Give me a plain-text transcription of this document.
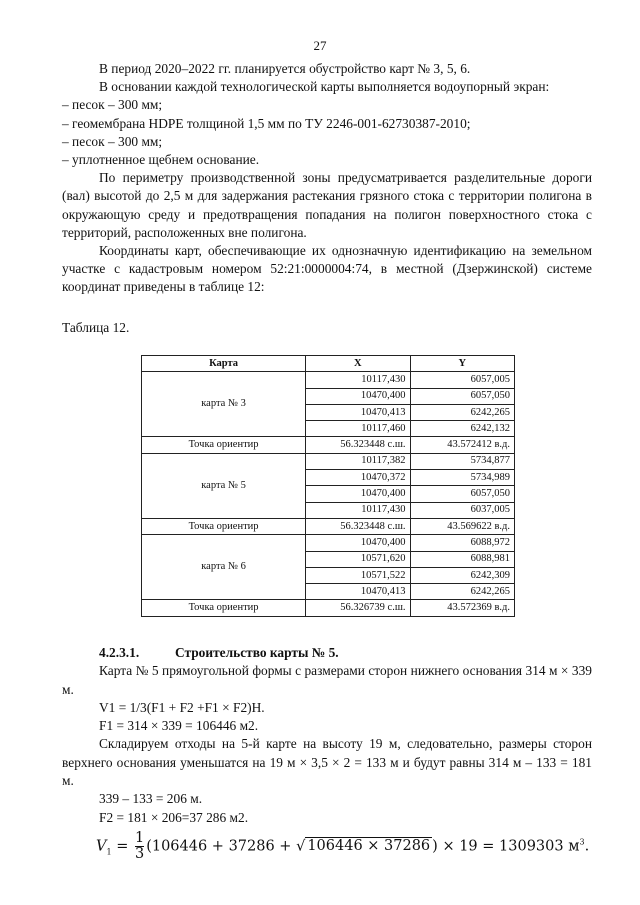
27

В период 2020–2022 гг. планируется обустройство карт № 3, 5, 6.

В основании каждой технологической карты выполняется водоупорный экран:

– песок – 300 мм;

– геомембрана HDPE толщиной 1,5 мм по ТУ 2246-001-62730387-2010;

– песок – 300 мм;

– уплотненное щебнем основание.

По периметру производственной зоны предусматривается разделительные дороги (вал) высотой до 2,5 м для задержания растекания грязного стока с территории полигона в окружающую среду и предотвращения попадания на полигон поверхностного стока с территорий, расположенных вне полигона.

Координаты карт, обеспечивающие их однозначную идентификацию на земельном участке с кадастровым номером 52:21:0000004:74, в местной (Дзержинской) системе координат приведены в таблице 12:

Таблица 12.
Карта	X	Y
карта № 3	10117,430	6057,005
	10470,400	6057,050
	10470,413	6242,265
	10117,460	6242,132
Точка ориентир	56.323448 с.ш.	43.572412 в.д.
карта № 5	10117,382	5734,877
	10470,372	5734,989
	10470,400	6057,050
	10117,430	6037,005
Точка ориентир	56.323448 с.ш.	43.569622 в.д.
карта № 6	10470,400	6088,972
	10571,620	6088,981
	10571,522	6242,309
	10470,413	6242,265
Точка ориентир	56.326739 с.ш.	43.572369 в.д.

4.2.3.1.	Строительство карты № 5.

Карта № 5 прямоугольной формы с размерами сторон нижнего основания 314 м × 339 м.

V1 = 1/3(F1 + F2 +F1 × F2)H.

F1 = 314 × 339 = 106446 м2.

Складируем отходы на 5-й карте на высоту 19 м, следовательно, размеры сторон верхнего основания уменьшатся на 19 м × 3,5 × 2 = 133 м и будут равны 314 м – 133 = 181 м.

339 – 133 = 206 м.

F2 = 181 × 206=37 286 м2.

$V_1 = \frac{1}{3} (106446 + 37286$ + √ 106446 × 37286 ) × 19 = 1309303 $м^3$.
